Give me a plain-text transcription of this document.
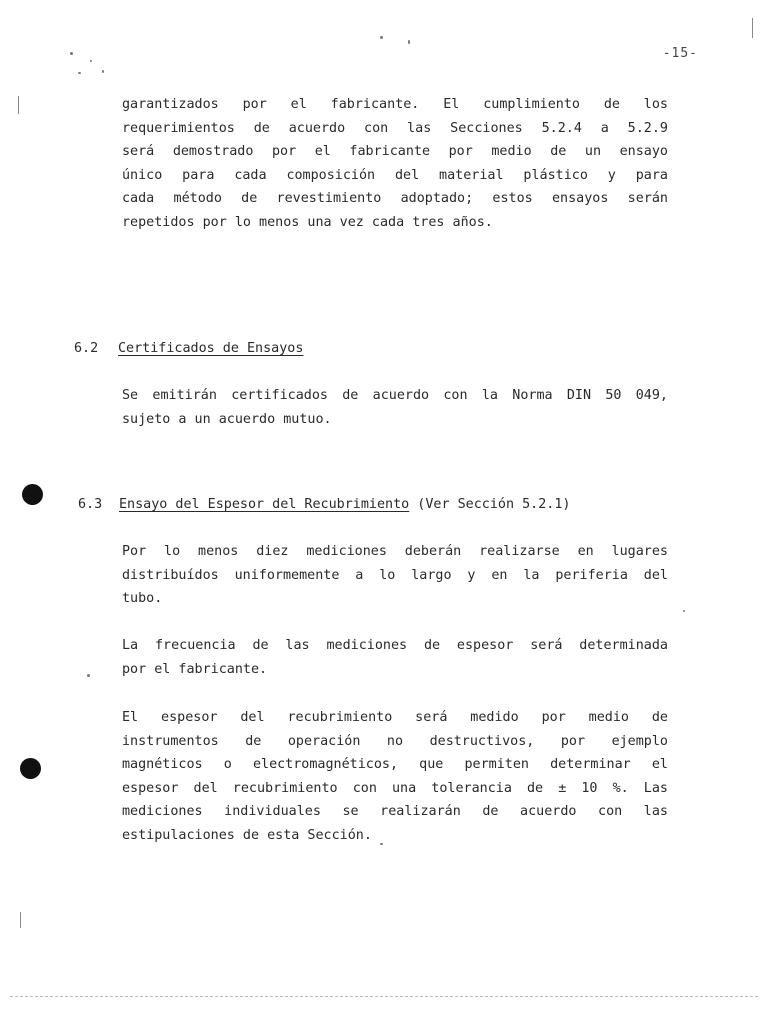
-15-

garantizados por el fabricante. El cumplimiento de los
requerimientos de acuerdo con las Secciones 5.2.4 a 5.2.9
será demostrado por el fabricante por medio de un ensayo
único para cada composición del material plástico y para
cada método de revestimiento adoptado; estos ensayos serán
repetidos por lo menos una vez cada tres años.

6.2 Certificados de Ensayos

Se emitirán certificados de acuerdo con la Norma DIN 50 049,
sujeto a un acuerdo mutuo.

6.3 Ensayo del Espesor del Recubrimiento (Ver Sección 5.2.1)

Por lo menos diez mediciones deberán realizarse en lugares
distribuídos uniformemente a lo largo y en la periferia del
tubo.

La frecuencia de las mediciones de espesor será determinada
por el fabricante.

El espesor del recubrimiento será medido por medio de
instrumentos de operación no destructivos, por ejemplo
magnéticos o electromagnéticos, que permiten determinar el
espesor del recubrimiento con una tolerancia de ± 10 %. Las
mediciones individuales se realizarán de acuerdo con las
estipulaciones de esta Sección.
